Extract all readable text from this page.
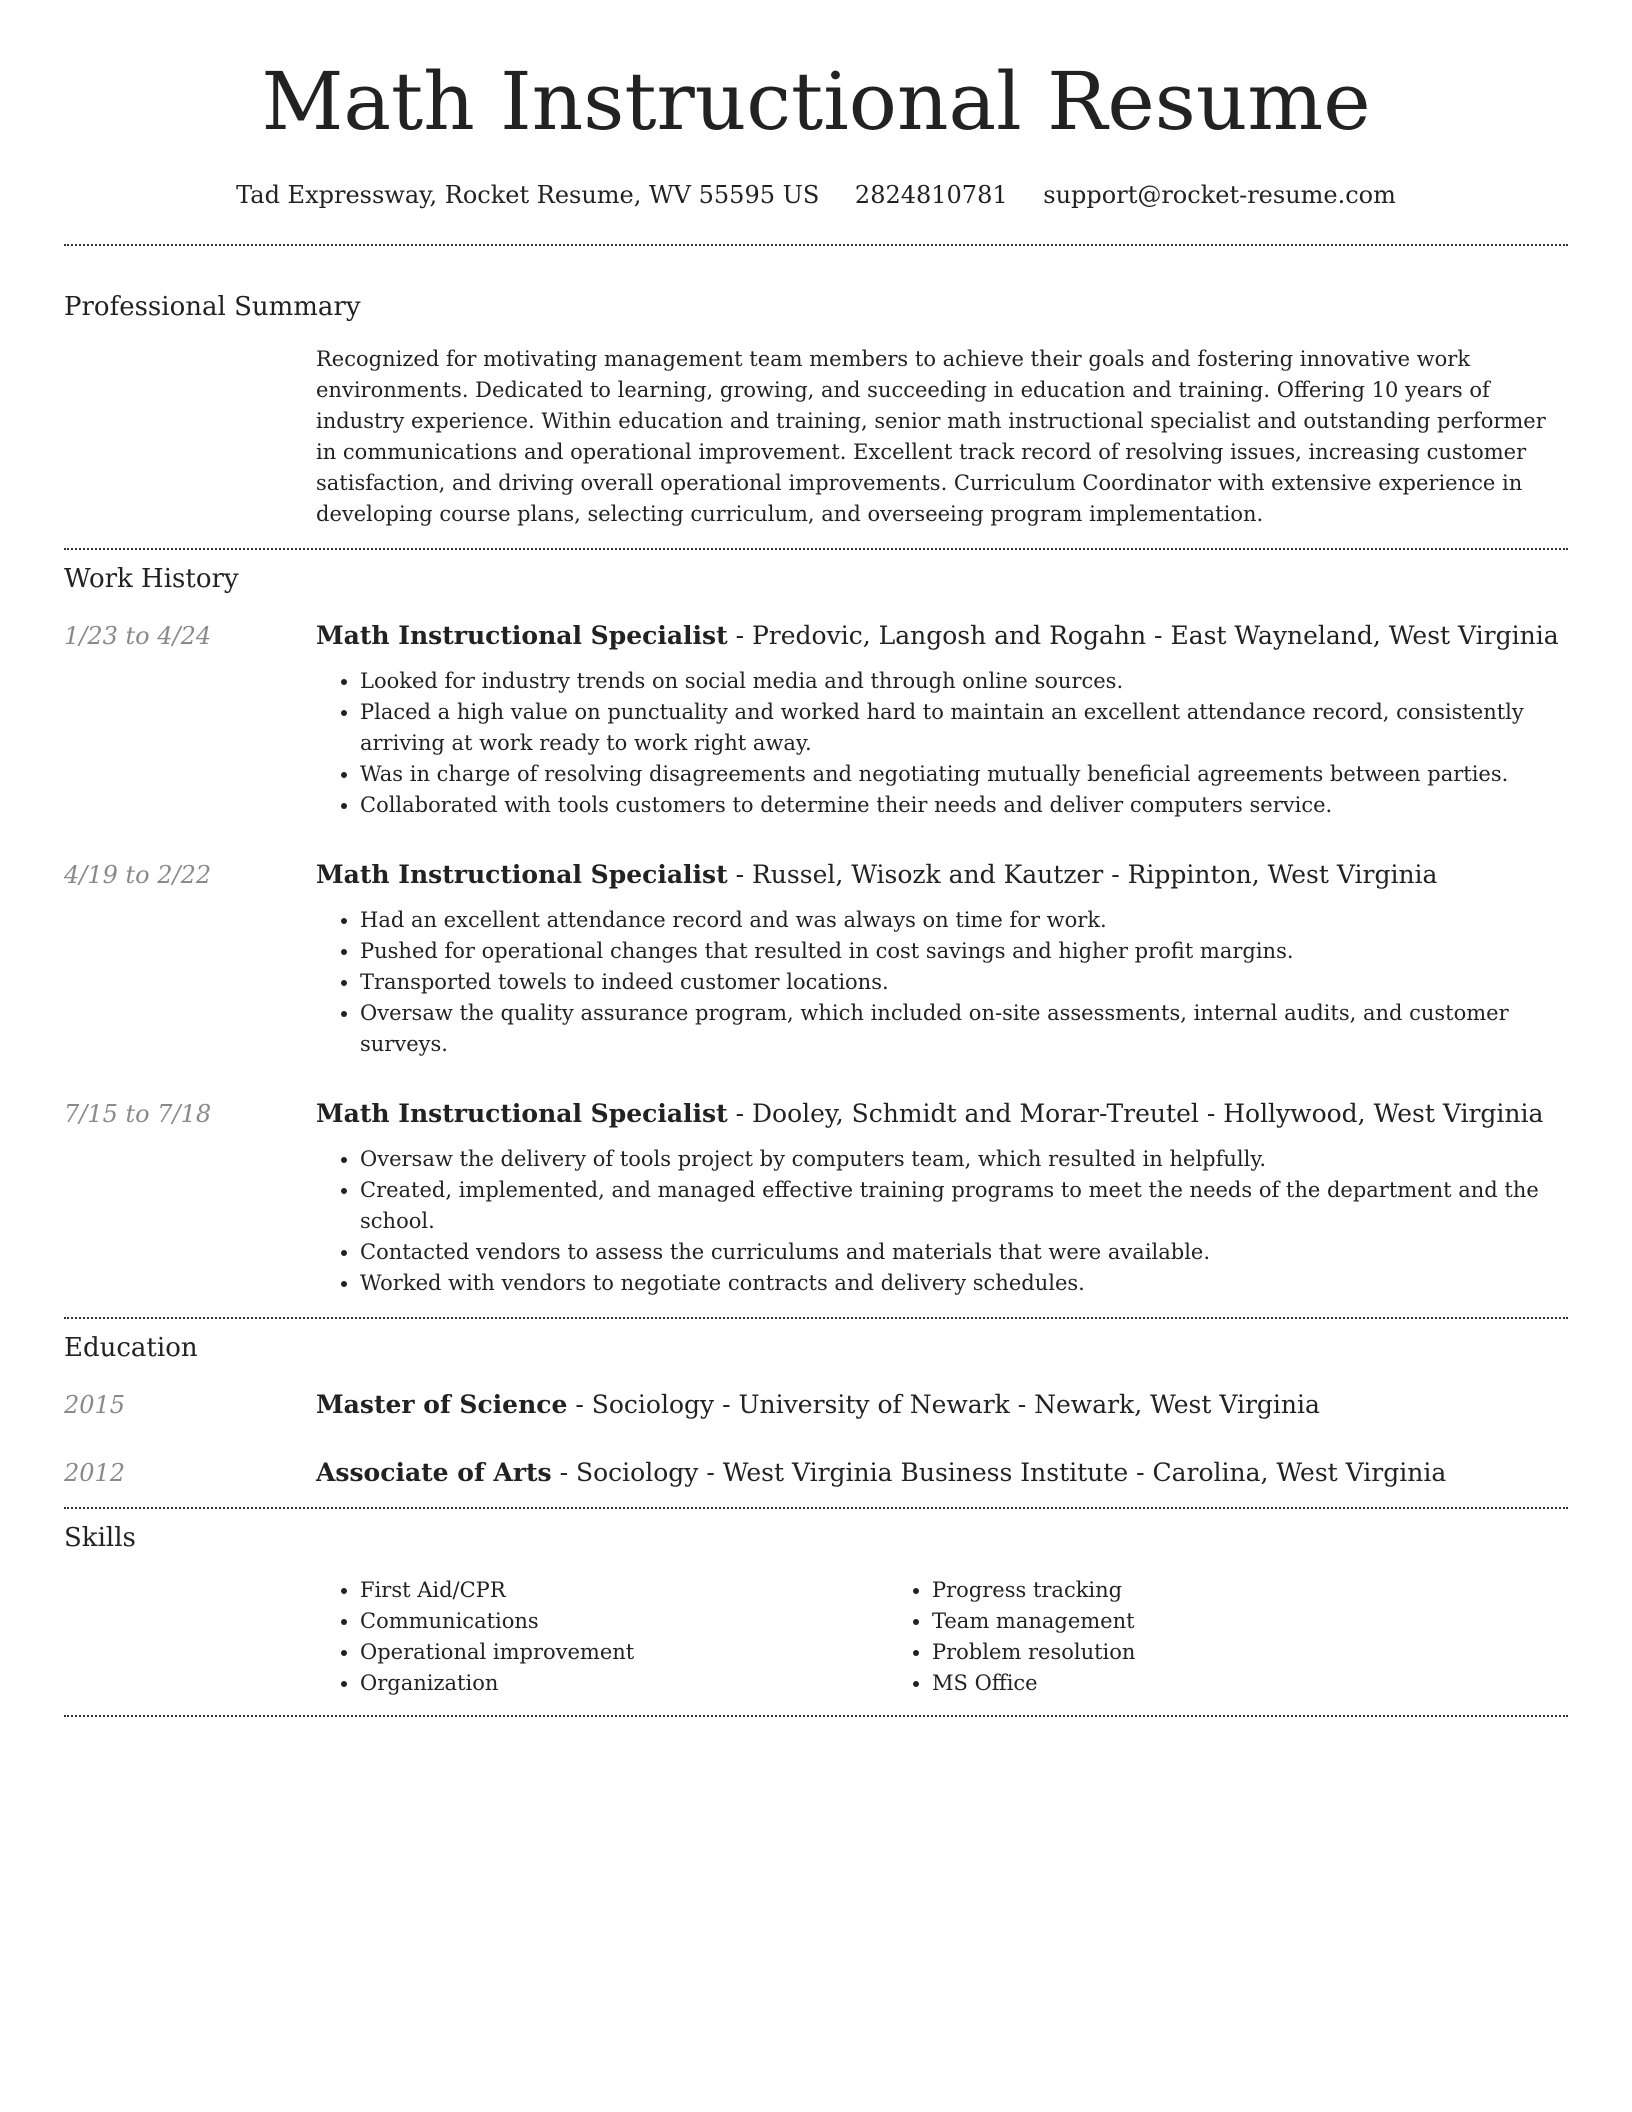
Math Instructional Resume
Tad Expressway, Rocket Resume, WV 55595 US 2824810781 support@rocket-resume.com
Professional Summary

Recognized for motivating management team members to achieve their goals and fostering innovative work environments. Dedicated to learning, growing, and succeeding in education and training. Offering 10 years of industry experience. Within education and training, senior math instructional specialist and outstanding performer in communications and operational improvement. Excellent track record of resolving issues, increasing customer satisfaction, and driving overall operational improvements. Curriculum Coordinator with extensive experience in developing course plans, selecting curriculum, and overseeing program implementation.

Work History
1/23 to 4/24	Math Instructional Specialist - Predovic, Langosh and Rogahn - East Wayneland, West Virginia
• Looked for industry trends on social media and through online sources.
• Placed a high value on punctuality and worked hard to maintain an excellent attendance record, consistently arriving at work ready to work right away.
• Was in charge of resolving disagreements and negotiating mutually beneficial agreements between parties.
• Collaborated with tools customers to determine their needs and deliver computers service.
4/19 to 2/22	Math Instructional Specialist - Russel, Wisozk and Kautzer - Rippinton, West Virginia
• Had an excellent attendance record and was always on time for work.
• Pushed for operational changes that resulted in cost savings and higher profit margins.
• Transported towels to indeed customer locations.
• Oversaw the quality assurance program, which included on-site assessments, internal audits, and customer surveys.
7/15 to 7/18	Math Instructional Specialist - Dooley, Schmidt and Morar-Treutel - Hollywood, West Virginia
• Oversaw the delivery of tools project by computers team, which resulted in helpfully.
• Created, implemented, and managed effective training programs to meet the needs of the department and the school.
• Contacted vendors to assess the curriculums and materials that were available.
• Worked with vendors to negotiate contracts and delivery schedules.
Education
2015	Master of Science - Sociology - University of Newark - Newark, West Virginia
2012	Associate of Arts - Sociology - West Virginia Business Institute - Carolina, West Virginia
Skills
• First Aid/CPR
• Communications
• Operational improvement
• Organization
• Progress tracking
• Team management
• Problem resolution
• MS Office
